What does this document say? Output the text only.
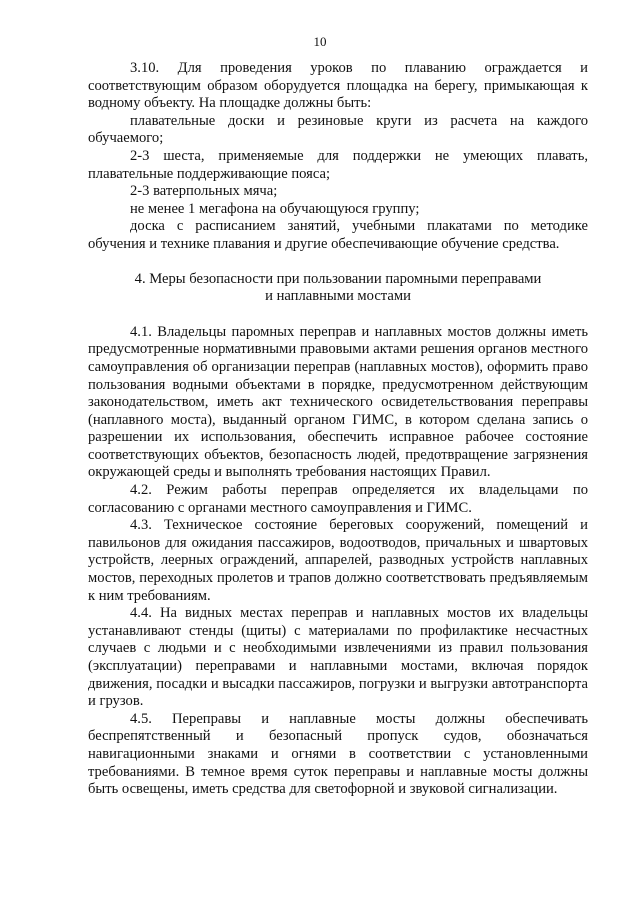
10

3.10. Для проведения уроков по плаванию ограждается и соответствующим образом оборудуется площадка на берегу, примыкающая к водному объекту. На площадке должны быть:

плавательные доски и резиновые круги из расчета на каждого обучаемого;

2-3 шеста, применяемые для поддержки не умеющих плавать, плавательные поддерживающие пояса;

2-3 ватерпольных мяча;

не менее 1 мегафона на обучающуюся группу;

доска с расписанием занятий, учебными плакатами по методике обучения и технике плавания и другие обеспечивающие обучение средства.

4. Меры безопасности при пользовании паромными переправами
и наплавными мостами

4.1. Владельцы паромных переправ и наплавных мостов должны иметь предусмотренные нормативными правовыми актами решения органов местного самоуправления об организации переправ (наплавных мостов), оформить право пользования водными объектами в порядке, предусмотренном действующим законодательством, иметь акт технического освидетельствования переправы (наплавного моста), выданный органом ГИМС, в котором сделана запись о разрешении их использования, обеспечить исправное рабочее состояние соответствующих объектов, безопасность людей, предотвращение загрязнения окружающей среды и выполнять требования настоящих Правил.

4.2. Режим работы переправ определяется их владельцами по согласованию с органами местного самоуправления и ГИМС.

4.3. Техническое состояние береговых сооружений, помещений и павильонов для ожидания пассажиров, водоотводов, причальных и швартовых устройств, леерных ограждений, аппарелей, разводных устройств наплавных мостов, переходных пролетов и трапов должно соответствовать предъявляемым к ним требованиям.

4.4. На видных местах переправ и наплавных мостов их владельцы устанавливают стенды (щиты) с материалами по профилактике несчастных случаев с людьми и с необходимыми извлечениями из правил пользования (эксплуатации) переправами и наплавными мостами, включая порядок движения, посадки и высадки пассажиров, погрузки и выгрузки автотранспорта и грузов.

4.5. Переправы и наплавные мосты должны обеспечивать беспрепятственный и безопасный пропуск судов, обозначаться навигационными знаками и огнями в соответствии с установленными требованиями. В темное время суток переправы и наплавные мосты должны быть освещены, иметь средства для светофорной и звуковой сигнализации.
